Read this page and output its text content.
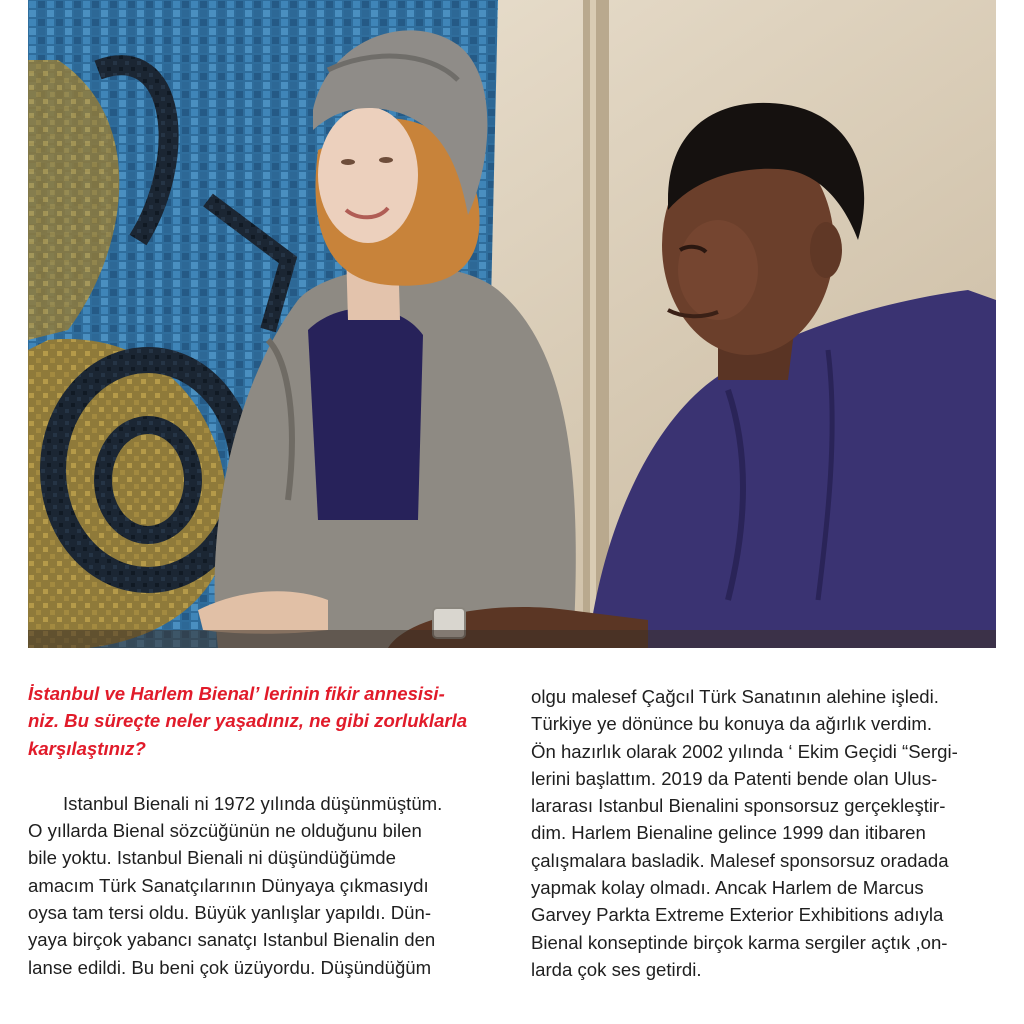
İstanbul ve Harlem Bienal’ lerinin fikir annesisi-
niz. Bu süreçte neler yaşadınız, ne gibi zorluklarla
karşılaştınız?

Istanbul Bienali ni 1972 yılında düşünmüştüm.
O yıllarda Bienal sözcüğünün ne olduğunu bilen
bile yoktu. Istanbul Bienali ni düşündüğümde
amacım Türk Sanatçılarının Dünyaya çıkmasıydı
oysa tam tersi oldu. Büyük yanlışlar yapıldı. Dün-
yaya birçok yabancı sanatçı Istanbul Bienalin den
lanse edildi. Bu beni çok üzüyordu. Düşündüğüm
olgu malesef Çağcıl Türk Sanatının alehine işledi.
Türkiye ye dönünce bu konuya da ağırlık verdim.
Ön hazırlık olarak 2002 yılında ‘ Ekim Geçidi “Sergi-
lerini başlattım. 2019 da Patenti bende olan Ulus-
lararası Istanbul Bienalini sponsorsuz gerçekleştir-
dim. Harlem Bienaline gelince 1999 dan itibaren
çalışmalara basladik. Malesef sponsorsuz oradada
yapmak kolay olmadı. Ancak Harlem de Marcus
Garvey Parkta Extreme Exterior Exhibitions adıyla
Bienal konseptinde birçok karma sergiler açtık ,on-
larda çok ses getirdi.
